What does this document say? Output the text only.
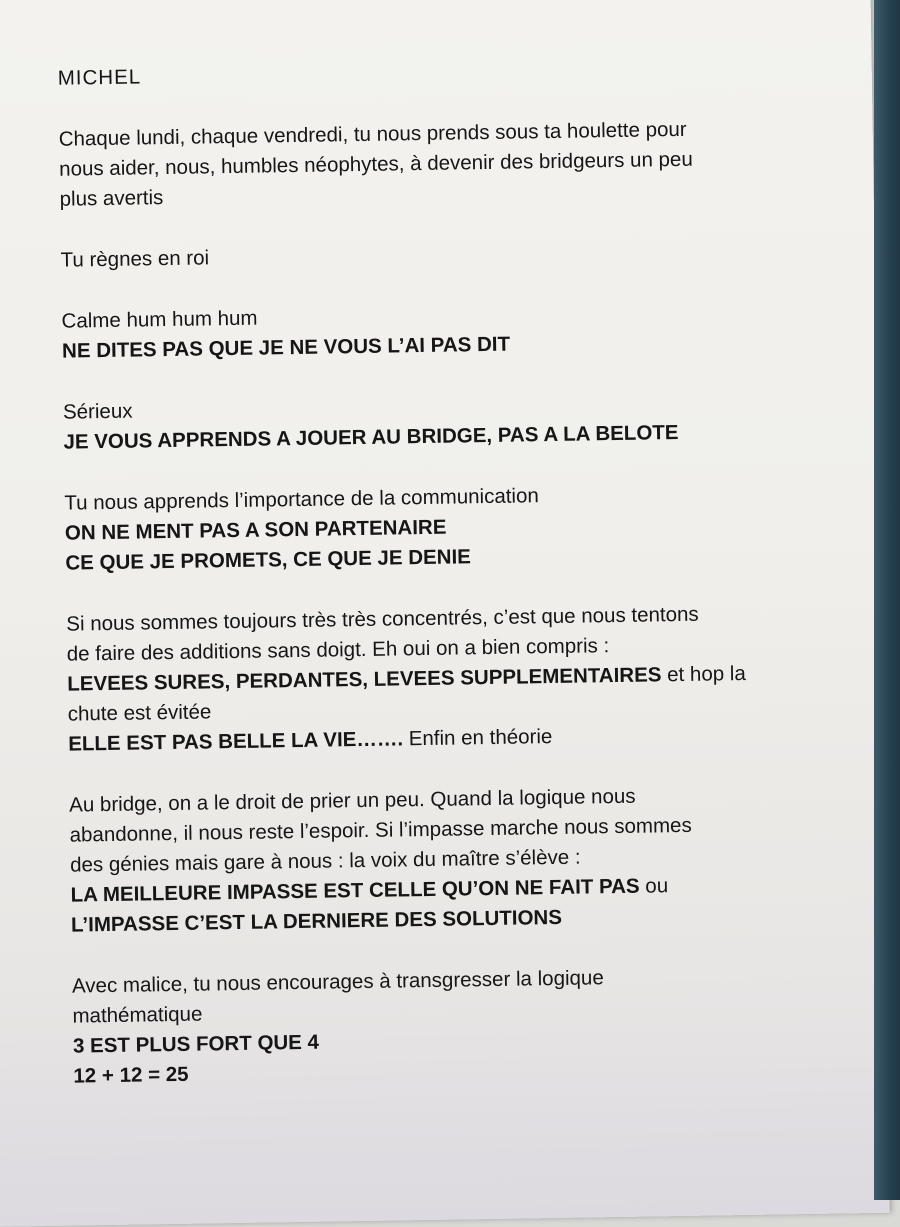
MICHEL
Chaque lundi, chaque vendredi, tu nous prends sous ta houlette pour
nous aider, nous, humbles néophytes, à devenir des bridgeurs un peu
plus avertis
Tu règnes en roi
Calme hum hum hum
NE DITES PAS QUE JE NE VOUS L’AI PAS DIT
Sérieux
JE VOUS APPRENDS A JOUER AU BRIDGE, PAS A LA BELOTE
Tu nous apprends l’importance de la communication
ON NE MENT PAS A SON PARTENAIRE
CE QUE JE PROMETS, CE QUE JE DENIE
Si nous sommes toujours très très concentrés, c’est que nous tentons
de faire des additions sans doigt. Eh oui on a bien compris :
LEVEES SURES, PERDANTES, LEVEES SUPPLEMENTAIRES et hop la
chute est évitée
ELLE EST PAS BELLE LA VIE……. Enfin en théorie
Au bridge, on a le droit de prier un peu. Quand la logique nous
abandonne, il nous reste l’espoir. Si l’impasse marche nous sommes
des génies mais gare à nous : la voix du maître s’élève :
LA MEILLEURE IMPASSE EST CELLE QU’ON NE FAIT PAS ou
L’IMPASSE C’EST LA DERNIERE DES SOLUTIONS
Avec malice, tu nous encourages à transgresser la logique
mathématique
3 EST PLUS FORT QUE 4
12 + 12 = 25
